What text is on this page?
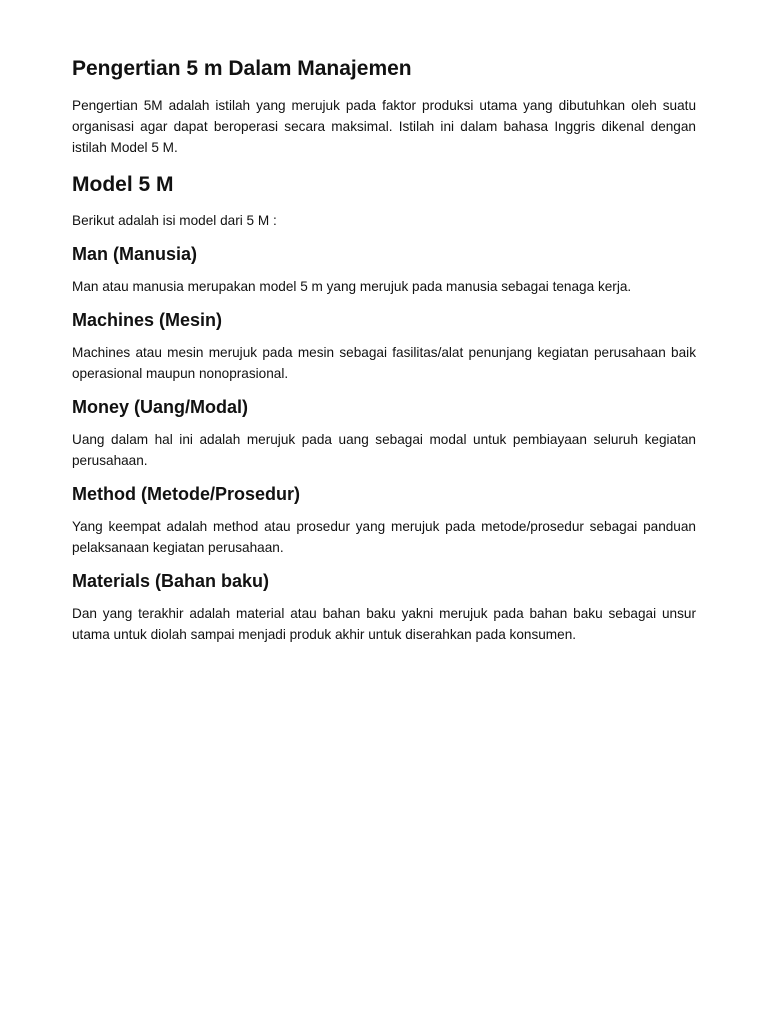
Pengertian 5 m Dalam Manajemen

Pengertian 5M adalah istilah yang merujuk pada faktor produksi utama yang dibutuhkan oleh suatu organisasi agar dapat beroperasi secara maksimal. Istilah ini dalam bahasa Inggris dikenal dengan istilah Model 5 M.

Model 5 M

Berikut adalah isi model dari 5 M :

Man (Manusia)

Man atau manusia merupakan model 5 m yang merujuk pada manusia sebagai tenaga kerja.

Machines (Mesin)

Machines atau mesin merujuk pada mesin sebagai fasilitas/alat penunjang kegiatan perusahaan baik operasional maupun nonoprasional.

Money (Uang/Modal)

Uang dalam hal ini adalah merujuk pada uang sebagai modal untuk pembiayaan seluruh kegiatan perusahaan.

Method (Metode/Prosedur)

Yang keempat adalah method atau prosedur yang merujuk pada metode/prosedur sebagai panduan pelaksanaan kegiatan perusahaan.

Materials (Bahan baku)

Dan yang terakhir adalah material atau bahan baku yakni merujuk pada bahan baku sebagai unsur utama untuk diolah sampai menjadi produk akhir untuk diserahkan pada konsumen.
